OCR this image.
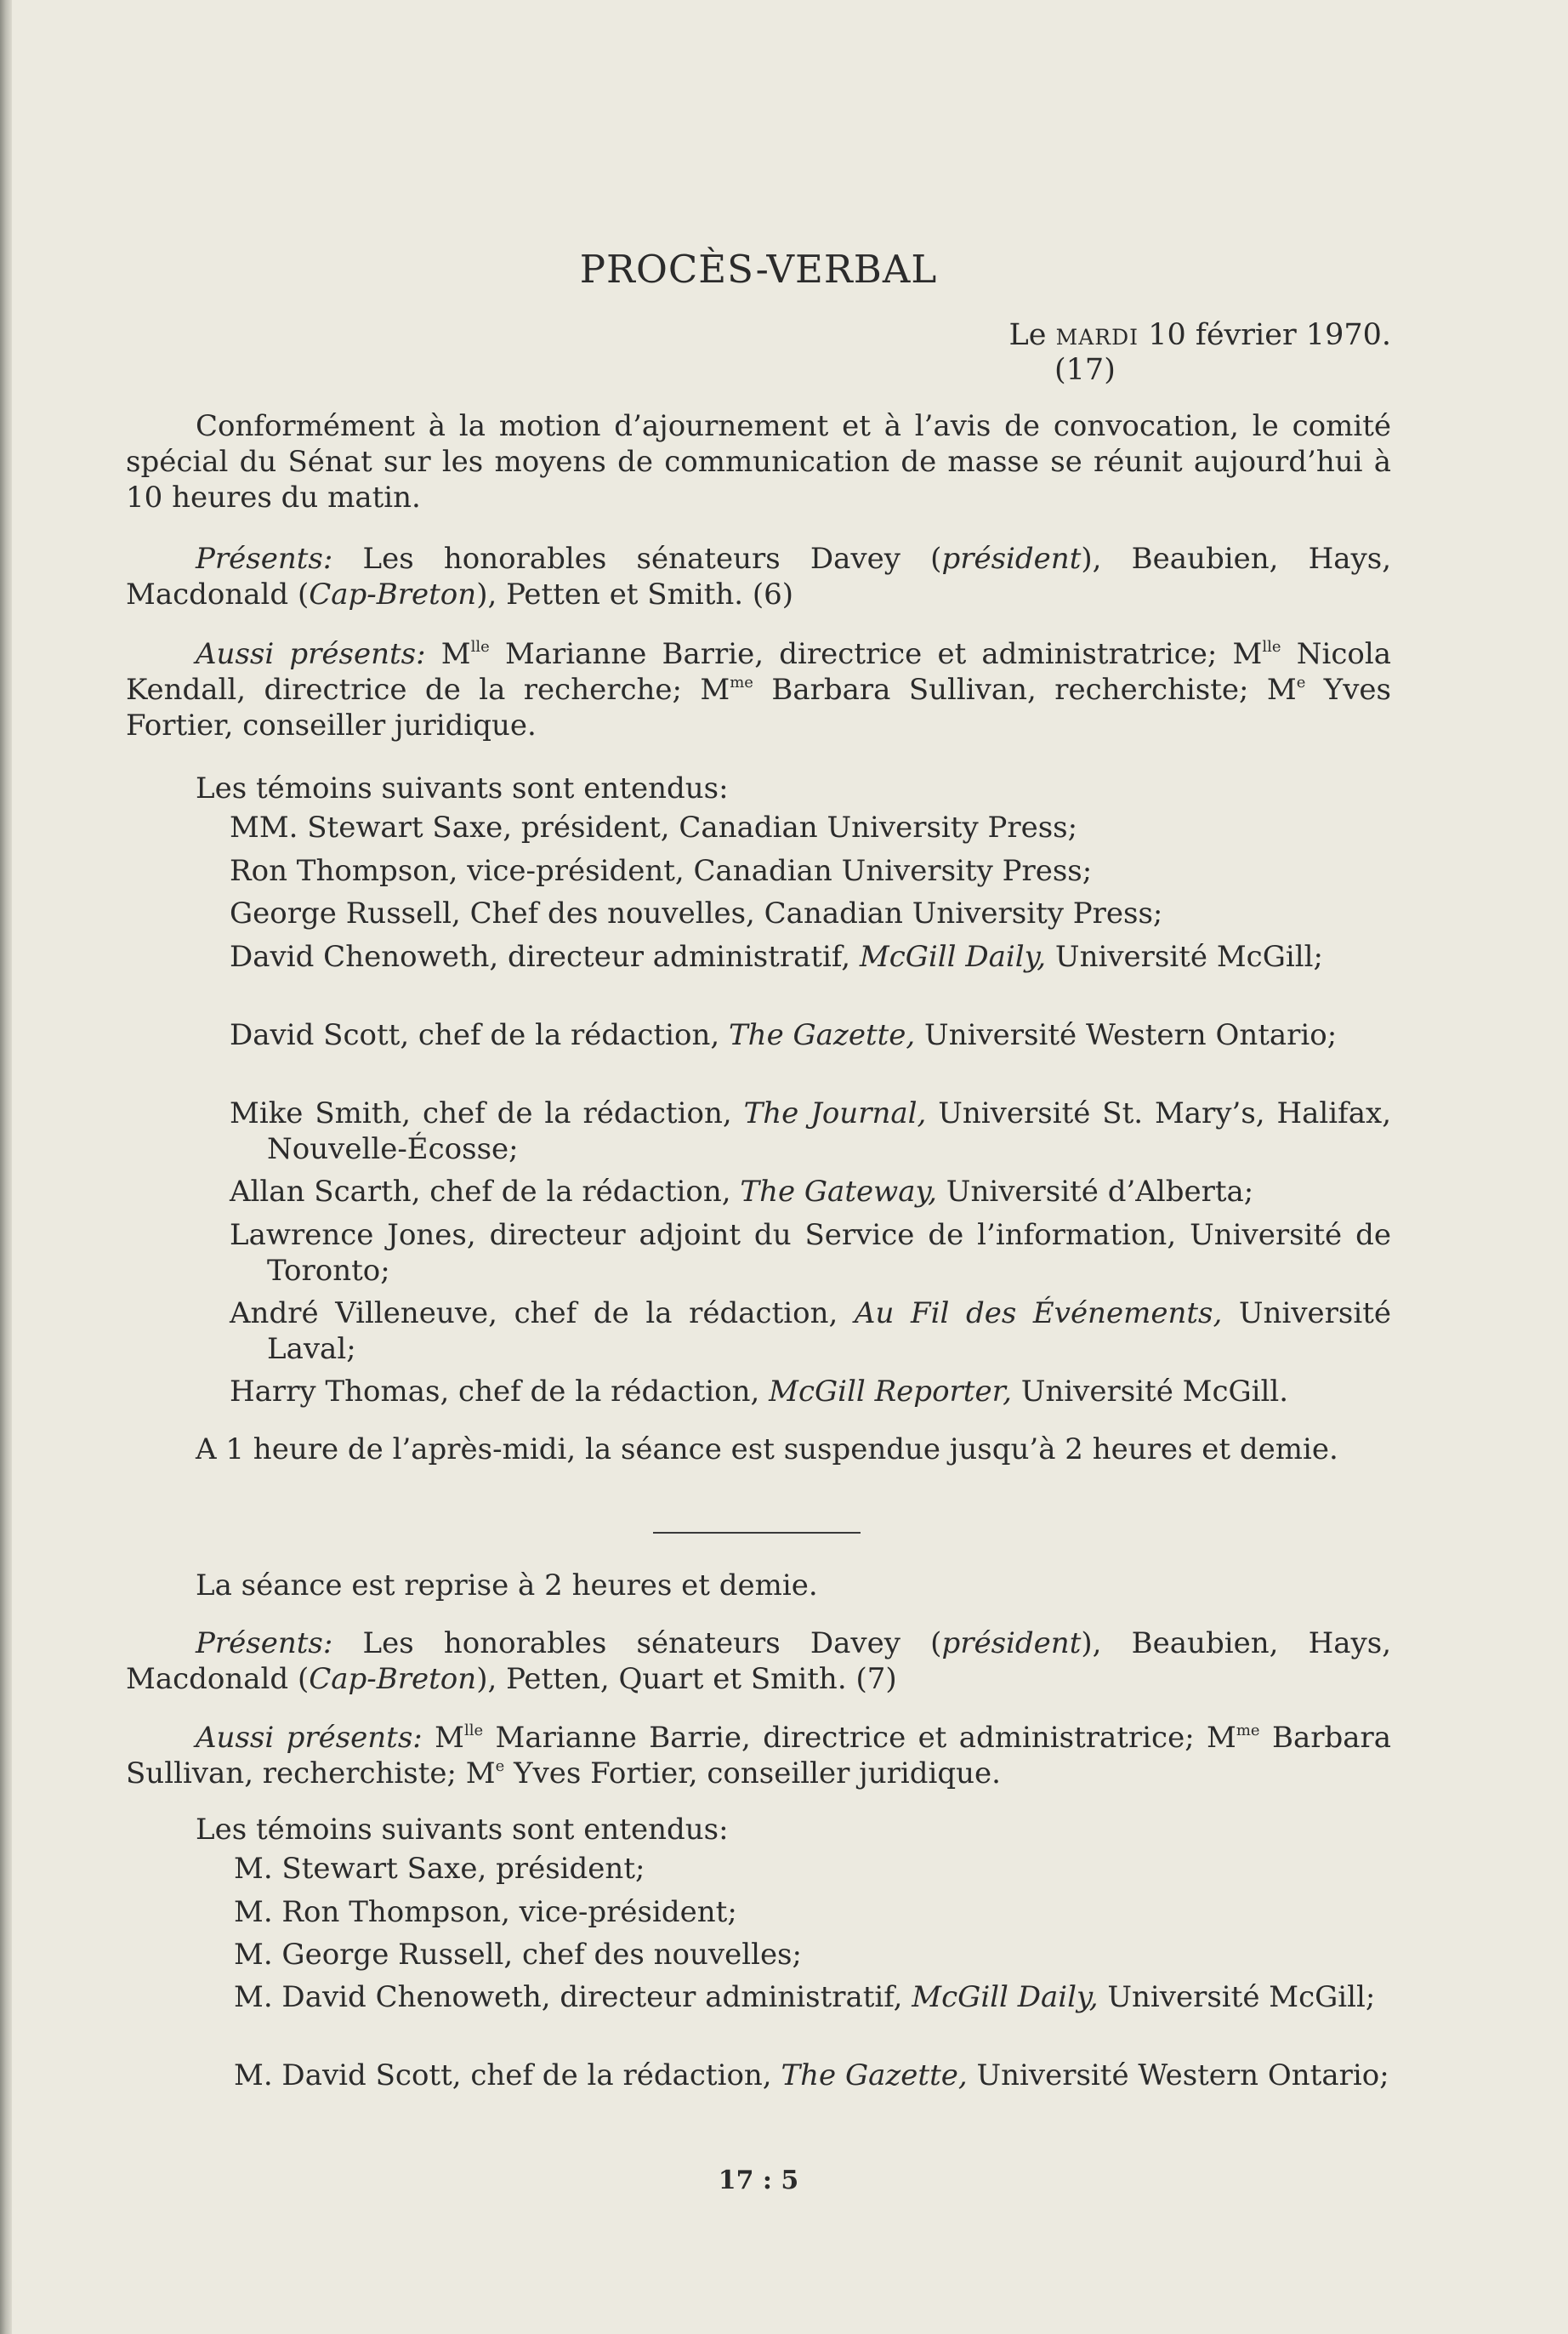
PROCÈS-VERBAL
Le MARDI 10 février 1970.
(17)

Conformément à la motion d’ajournement et à l’avis de convocation, le comité spécial du Sénat sur les moyens de communication de masse se réunit aujourd’hui à 10 heures du matin.

Présents: Les honorables sénateurs Davey (président), Beaubien, Hays, Macdonald (Cap-Breton), Petten et Smith. (6)

Aussi présents: $M^{lle}$ Marianne Barrie, directrice et administratrice; $M^{lle}$ Nicola Kendall, directrice de la recherche; $M^{me}$ Barbara Sullivan, recherchiste; Me Yves Fortier, conseiller juridique.

Les témoins suivants sont entendus:

MM. Stewart Saxe, président, Canadian University Press;
Ron Thompson, vice-président, Canadian University Press;
George Russell, Chef des nouvelles, Canadian University Press;
David Chenoweth, directeur administratif, McGill Daily, Université McGill;
David Scott, chef de la rédaction, The Gazette, Université Western Ontario;
Mike Smith, chef de la rédaction, The Journal, Université St. Mary’s, Halifax, Nouvelle-Écosse;
Allan Scarth, chef de la rédaction, The Gateway, Université d’Alberta;
Lawrence Jones, directeur adjoint du Service de l’information, Université de Toronto;
André Villeneuve, chef de la rédaction, Au Fil des Événements, Université Laval;
Harry Thomas, chef de la rédaction, McGill Reporter, Université McGill.

A 1 heure de l’après-midi, la séance est suspendue jusqu’à 2 heures et demie.

La séance est reprise à 2 heures et demie.

Présents: Les honorables sénateurs Davey (président), Beaubien, Hays, Macdonald (Cap-Breton), Petten, Quart et Smith. (7)

Aussi présents: $M^{lle}$ Marianne Barrie, directrice et administratrice; $M^{me}$ Barbara Sullivan, recherchiste; Me Yves Fortier, conseiller juridique.

Les témoins suivants sont entendus:

M. Stewart Saxe, président;
M. Ron Thompson, vice-président;
M. George Russell, chef des nouvelles;
M. David Chenoweth, directeur administratif, McGill Daily, Université McGill;
M. David Scott, chef de la rédaction, The Gazette, Université Western Ontario;
17 : 5
